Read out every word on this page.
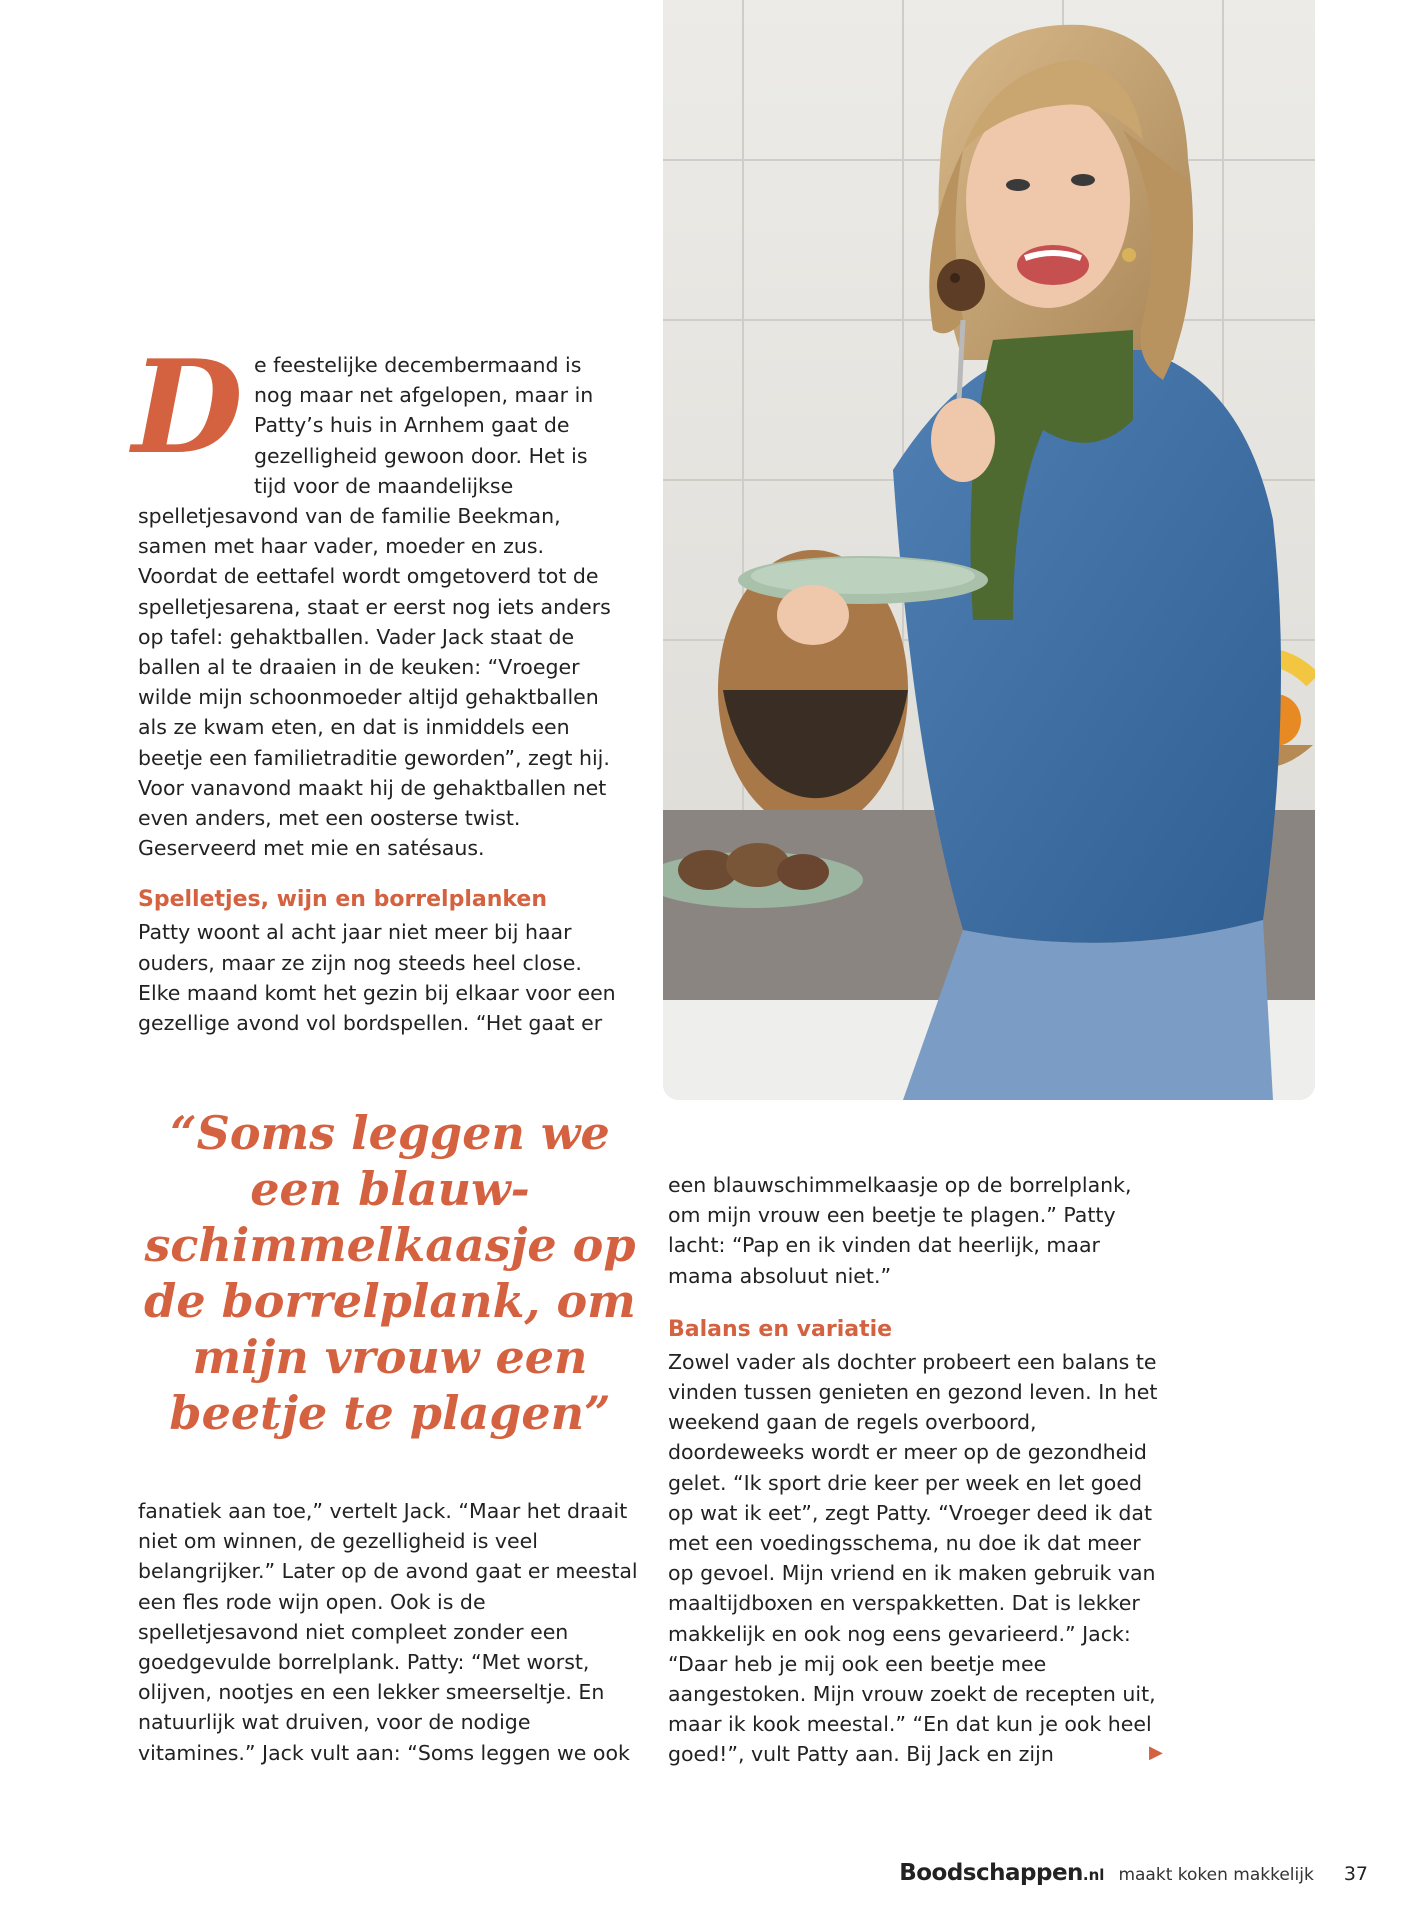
D e feestelijke decembermaand is nog maar net afgelopen, maar in Patty’s huis in Arnhem gaat de gezelligheid gewoon door. Het is tijd voor de maandelijkse spelletjesavond van de familie Beekman, samen met haar vader, moeder en zus. Voordat de eettafel wordt omgetoverd tot de spelletjesarena, staat er eerst nog iets anders op tafel: gehaktballen. Vader Jack staat de ballen al te draaien in de keuken: “Vroeger wilde mijn schoonmoeder altijd gehaktballen als ze kwam eten, en dat is inmiddels een beetje een familietraditie geworden”, zegt hij. Voor vanavond maakt hij de gehaktballen net even anders, met een oosterse twist. Geserveerd met mie en satésaus.

Spelletjes, wijn en borrelplanken

Patty woont al acht jaar niet meer bij haar ouders, maar ze zijn nog steeds heel close. Elke maand komt het gezin bij elkaar voor een gezellige avond vol bordspellen. “Het gaat er

“Soms leggen we een blauw-schimmelkaasje op de borrelplank, om mijn vrouw een beetje te plagen”

fanatiek aan toe,” vertelt Jack. “Maar het draait niet om winnen, de gezelligheid is veel belangrijker.” Later op de avond gaat er meestal een fles rode wijn open. Ook is de spelletjesavond niet compleet zonder een goedgevulde borrelplank. Patty: “Met worst, olijven, nootjes en een lekker smeerseltje. En natuurlijk wat druiven, voor de nodige vitamines.” Jack vult aan: “Soms leggen we ook

een blauwschimmelkaasje op de borrelplank, om mijn vrouw een beetje te plagen.” Patty lacht: “Pap en ik vinden dat heerlijk, maar mama absoluut niet.”

Balans en variatie

Zowel vader als dochter probeert een balans te vinden tussen genieten en gezond leven. In het weekend gaan de regels overboord, doordeweeks wordt er meer op de gezondheid gelet. “Ik sport drie keer per week en let goed op wat ik eet”, zegt Patty. “Vroeger deed ik dat met een voedingsschema, nu doe ik dat meer op gevoel. Mijn vriend en ik maken gebruik van maaltijdboxen en verspakketten. Dat is lekker makkelijk en ook nog eens gevarieerd.” Jack: “Daar heb je mij ook een beetje mee aangestoken. Mijn vrouw zoekt de recepten uit, maar ik kook meestal.” “En dat kun je ook heel goed!”, vult Patty aan. Bij Jack en zijn	▶
Boodschappen.nl maakt koken makkelijk 37
